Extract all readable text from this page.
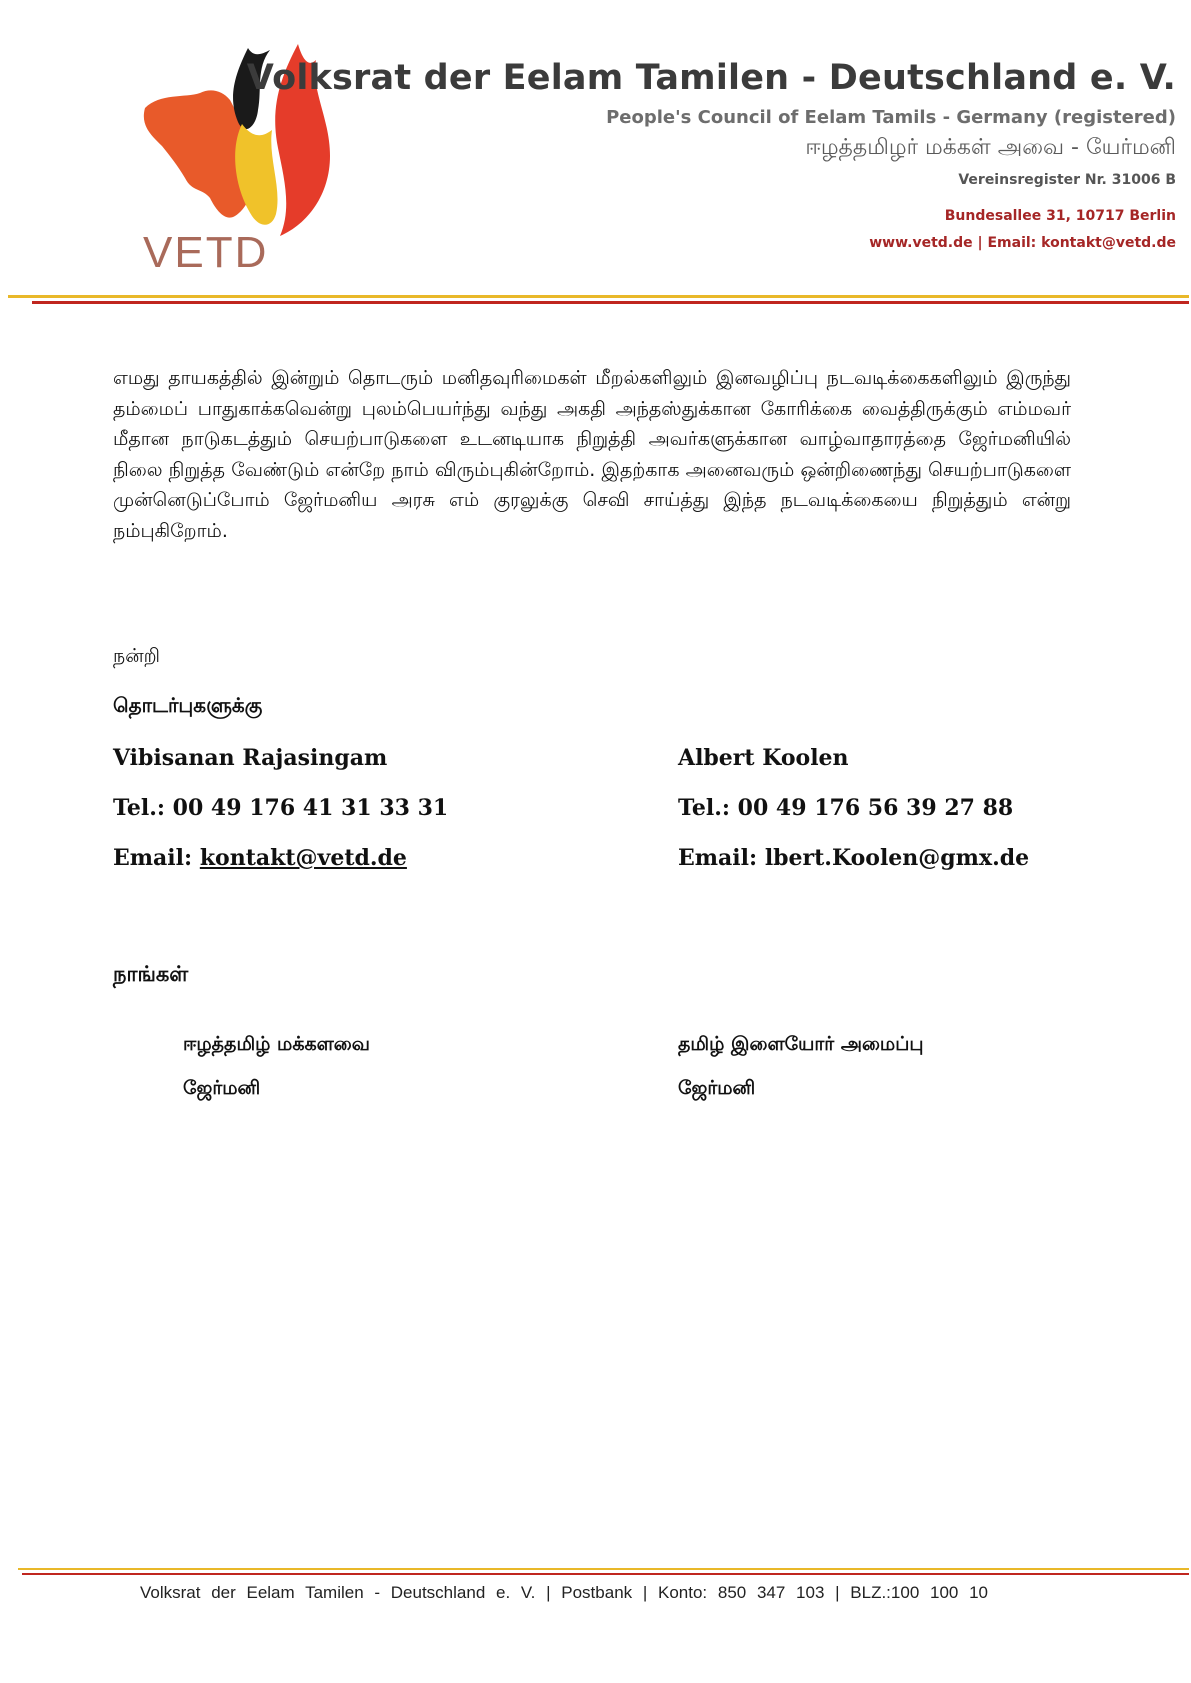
VETD
Volksrat der Eelam Tamilen - Deutschland e. V.
People's Council of Eelam Tamils - Germany (registered)
ஈழத்தமிழர் மக்கள் அவை - யேர்மனி
Vereinsregister Nr. 31006 B
Bundesallee 31, 10717 Berlin
www.vetd.de | Email: kontakt@vetd.de
எமது தாயகத்தில் இன்றும் தொடரும் மனிதவுரிமைகள் மீறல்களிலும் இனவழிப்பு நடவடிக்கைகளிலும் இருந்து தம்மைப் பாதுகாக்கவென்று புலம்பெயர்ந்து வந்து அகதி அந்தஸ்துக்கான கோரிக்கை வைத்திருக்கும் எம்மவர் மீதான நாடுகடத்தும் செயற்பாடுகளை உடனடியாக நிறுத்தி அவர்களுக்கான வாழ்வாதாரத்தை ஜேர்மனியில் நிலை நிறுத்த வேண்டும் என்றே நாம் விரும்புகின்றோம். இதற்காக அனைவரும் ஒன்றிணைந்து செயற்பாடுகளை முன்னெடுப்போம் ஜேர்மனிய அரசு எம் குரலுக்கு செவி சாய்த்து இந்த நடவடிக்கையை நிறுத்தும் என்று நம்புகிறோம்.
நன்றி
தொடர்புகளுக்கு
Vibisanan Rajasingam
Tel.: 00 49 176 41 31 33 31
Email: kontakt@vetd.de
Albert Koolen
Tel.: 00 49 176 56 39 27 88
Email: lbert.Koolen@gmx.de
நாங்கள்
ஈழத்தமிழ் மக்களவை
ஜேர்மனி
தமிழ் இளையோர் அமைப்பு
ஜேர்மனி
Volksrat der Eelam Tamilen - Deutschland e. V. | Postbank | Konto: 850 347 103 | BLZ.:100 100 10
